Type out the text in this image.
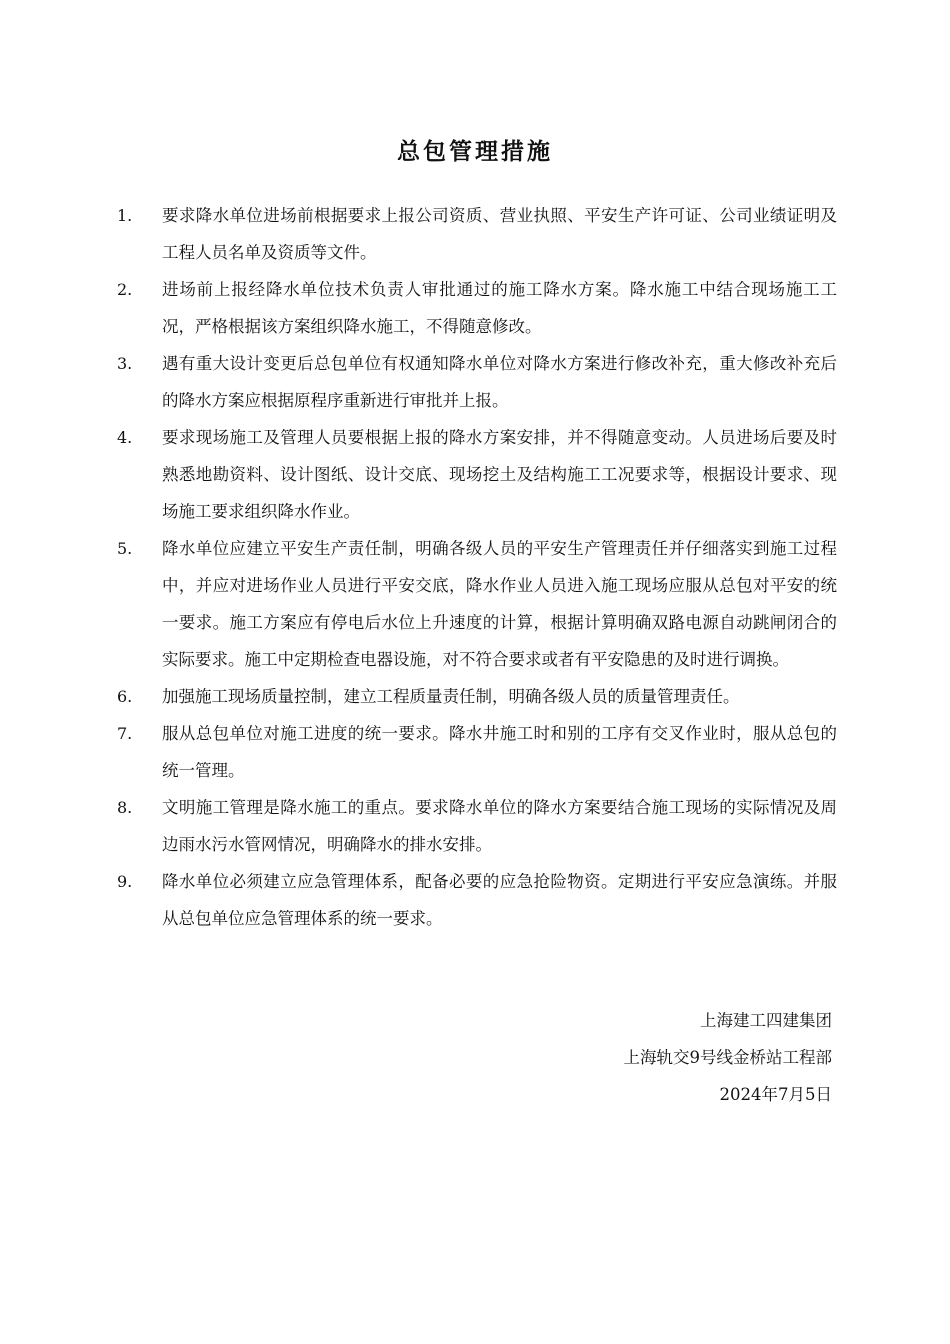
总包管理措施
1.	要求降水单位进场前根据要求上报公司资质、营业执照、平安生产许可证、公司业绩证明及工程人员名单及资质等文件。
2.	进场前上报经降水单位技术负责人审批通过的施工降水方案。降水施工中结合现场施工工况，严格根据该方案组织降水施工，不得随意修改。
3.	遇有重大设计变更后总包单位有权通知降水单位对降水方案进行修改补充，重大修改补充后的降水方案应根据原程序重新进行审批并上报。
4.	要求现场施工及管理人员要根据上报的降水方案安排，并不得随意变动。人员进场后要及时熟悉地勘资料、设计图纸、设计交底、现场挖土及结构施工工况要求等，根据设计要求、现场施工要求组织降水作业。
5.	降水单位应建立平安生产责任制，明确各级人员的平安生产管理责任并仔细落实到施工过程中，并应对进场作业人员进行平安交底，降水作业人员进入施工现场应服从总包对平安的统一要求。施工方案应有停电后水位上升速度的计算，根据计算明确双路电源自动跳闸闭合的实际要求。施工中定期检查电器设施，对不符合要求或者有平安隐患的及时进行调换。
6.	加强施工现场质量控制，建立工程质量责任制，明确各级人员的质量管理责任。
7.	服从总包单位对施工进度的统一要求。降水井施工时和别的工序有交叉作业时，服从总包的统一管理。
8.	文明施工管理是降水施工的重点。要求降水单位的降水方案要结合施工现场的实际情况及周边雨水污水管网情况，明确降水的排水安排。
9.	降水单位必须建立应急管理体系，配备必要的应急抢险物资。定期进行平安应急演练。并服从总包单位应急管理体系的统一要求。
上海建工四建集团
上海轨交9号线金桥站工程部
2024年7月5日
